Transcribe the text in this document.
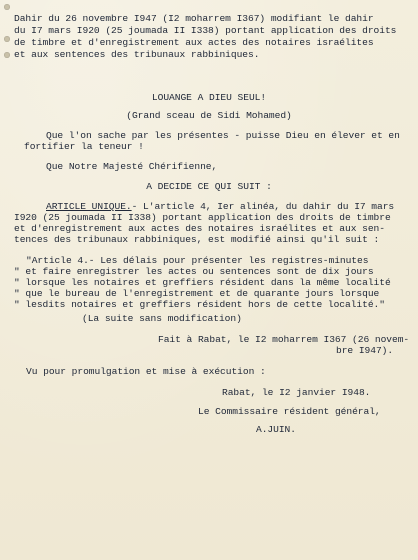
Dahir du 26 novembre I947 (I2 moharrem I367) modifiant le dahir
du I7 mars I920 (25 joumada II I338) portant application des droits
de timbre et d'enregistrement aux actes des notaires israélites
et aux sentences des tribunaux rabbiniques.
LOUANGE A DIEU SEUL!
(Grand sceau de Sidi Mohamed)
Que l'on sache par les présentes - puisse Dieu en élever et en
fortifier la teneur !
Que Notre Majesté Chérifienne,
A DECIDE CE QUI SUIT :
ARTICLE UNIQUE.- L'article 4, Ier alinéa, du dahir du I7 mars
I920 (25 joumada II I338) portant application des droits de timbre
et d'enregistrement aux actes des notaires israélites et aux sen-
tences des tribunaux rabbiniques, est modifié ainsi qu'il suit :
"Article 4.- Les délais pour présenter les registres-minutes
" et faire enregistrer les actes ou sentences sont de dix jours
" lorsque les notaires et greffiers résident dans la même localité
" que le bureau de l'enregistrement et de quarante jours lorsque
" lesdits notaires et greffiers résident hors de cette localité."
(La suite sans modification)
Fait à Rabat, le I2 moharrem I367 (26 novem-
bre I947).
Vu pour promulgation et mise à exécution :
Rabat, le I2 janvier I948.
Le Commissaire résident général,
A.JUIN.
